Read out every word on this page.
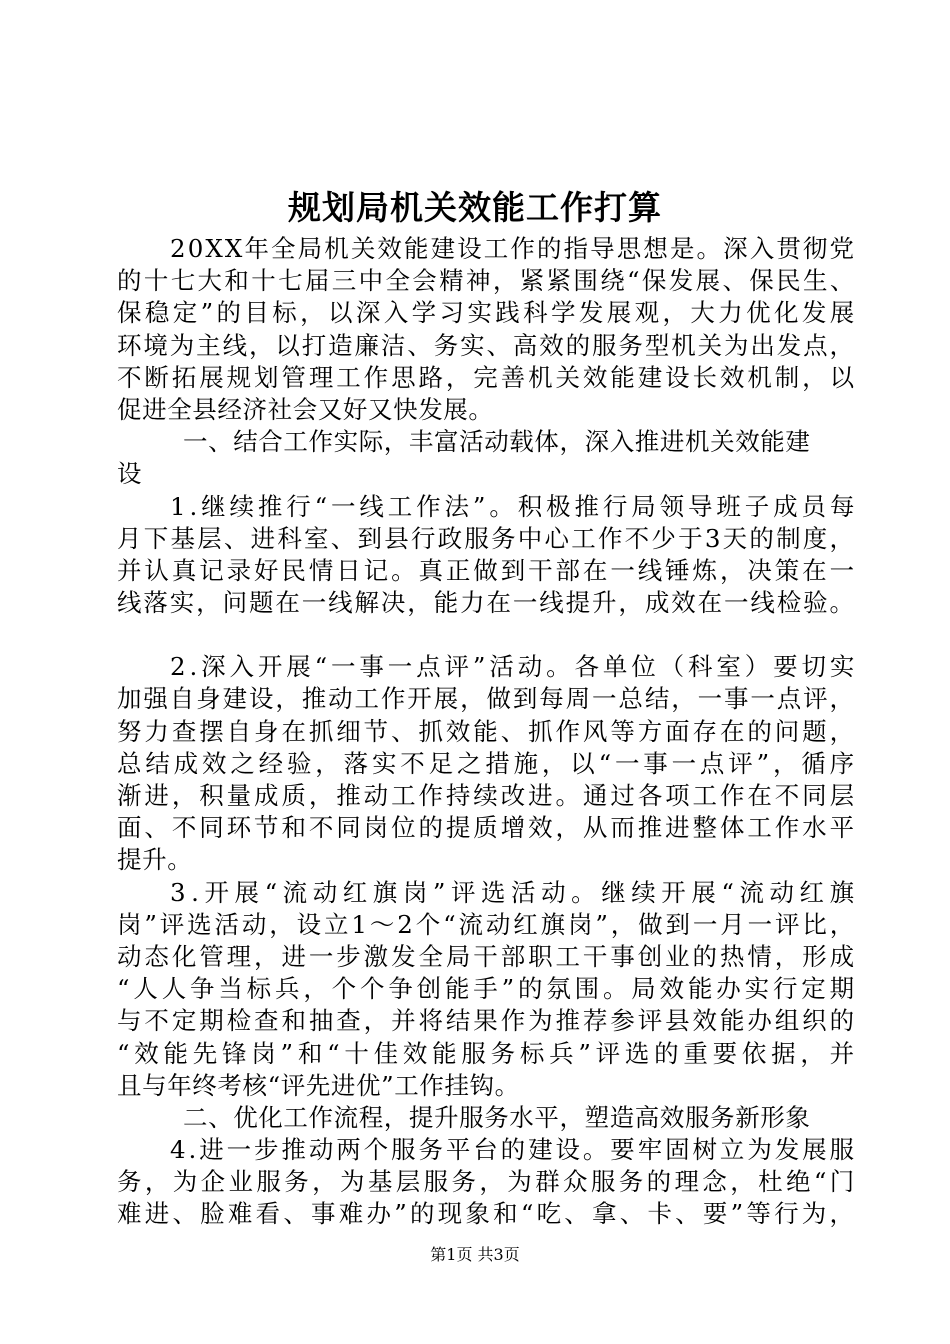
规划局机关效能工作打算
2 0 X X 年 全 局 机 关 效 能 建 设 工 作 的 指 导 思 想 是 。 深 入 贯 彻 党
的 十 七 大 和 十 七 届 三 中 全 会 精 神 ， 紧 紧 围 绕 “ 保 发 展 、 保 民 生 、
保 稳 定 ” 的 目 标 ， 以 深 入 学 习 实 践 科 学 发 展 观 ， 大 力 优 化 发 展
环 境 为 主 线 ， 以 打 造 廉 洁 、 务 实 、 高 效 的 服 务 型 机 关 为 出 发 点 ，
不 断 拓 展 规 划 管 理 工 作 思 路 ， 完 善 机 关 效 能 建 设 长 效 机 制 ， 以
促进全县经济社会又好又快发展。
一、结合工作实际，丰富活动载体，深入推进机关效能建
设
1 . 继 续 推 行 “ 一 线 工 作 法 ” 。 积 极 推 行 局 领 导 班 子 成 员 每
月 下 基 层 、 进 科 室 、 到 县 行 政 服 务 中 心 工 作 不 少 于 3 天 的 制 度 ，
并 认 真 记 录 好 民 情 日 记 。 真 正 做 到 干 部 在 一 线 锤 炼 ， 决 策 在 一
线 落 实 ， 问 题 在 一 线 解 决 ， 能 力 在 一 线 提 升 ， 成 效 在 一 线 检 验 。
2 . 深 入 开 展 “ 一 事 一 点 评 ” 活 动 。 各 单 位 （ 科 室 ） 要 切 实
加 强 自 身 建 设 ， 推 动 工 作 开 展 ， 做 到 每 周 一 总 结 ， 一 事 一 点 评 ，
努 力 查 摆 自 身 在 抓 细 节 、 抓 效 能 、 抓 作 风 等 方 面 存 在 的 问 题 ，
总 结 成 效 之 经 验 ， 落 实 不 足 之 措 施 ， 以 “ 一 事 一 点 评 ” ， 循 序
渐 进 ， 积 量 成 质 ， 推 动 工 作 持 续 改 进 。 通 过 各 项 工 作 在 不 同 层
面 、 不 同 环 节 和 不 同 岗 位 的 提 质 增 效 ， 从 而 推 进 整 体 工 作 水 平
提升。
3 . 开 展 “ 流 动 红 旗 岗 ” 评 选 活 动 。 继 续 开 展 “ 流 动 红 旗
岗 ” 评 选 活 动 ， 设 立 1 ～ 2 个 “ 流 动 红 旗 岗 ” ， 做 到 一 月 一 评 比 ，
动 态 化 管 理 ， 进 一 步 激 发 全 局 干 部 职 工 干 事 创 业 的 热 情 ， 形 成
“ 人 人 争 当 标 兵 ， 个 个 争 创 能 手 ” 的 氛 围 。 局 效 能 办 实 行 定 期
与 不 定 期 检 查 和 抽 查 ， 并 将 结 果 作 为 推 荐 参 评 县 效 能 办 组 织 的
“ 效 能 先 锋 岗 ” 和 “ 十 佳 效 能 服 务 标 兵 ” 评 选 的 重 要 依 据 ， 并
且与年终考核“评先进优”工作挂钩。
二、优化工作流程，提升服务水平，塑造高效服务新形象
4 . 进 一 步 推 动 两 个 服 务 平 台 的 建 设 。 要 牢 固 树 立 为 发 展 服
务 ， 为 企 业 服 务 ， 为 基 层 服 务 ， 为 群 众 服 务 的 理 念 ， 杜 绝 “ 门
难 进 、 脸 难 看 、 事 难 办 ” 的 现 象 和 “ 吃 、 拿 、 卡 、 要 ” 等 行 为 ，
第1页 共3页
